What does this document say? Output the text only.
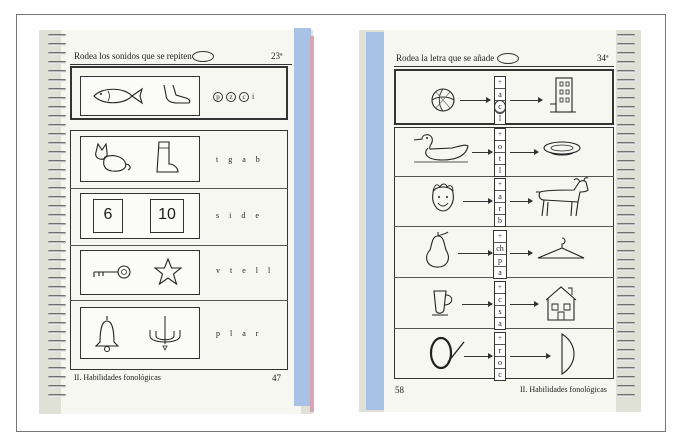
Rodea los sonidos que se repiten	23ª
p z c i
t g a b
6	10	s i d e
v t e l l
p l a r
II. Habilidades fonológicas	47
Rodea la letra que se añade	34ª
+
a
c
l
+
o
t
l
+
a
r
b
+
ch
p
a
+
c
s
a
+
r
o
c
58	II. Habilidades fonológicas
